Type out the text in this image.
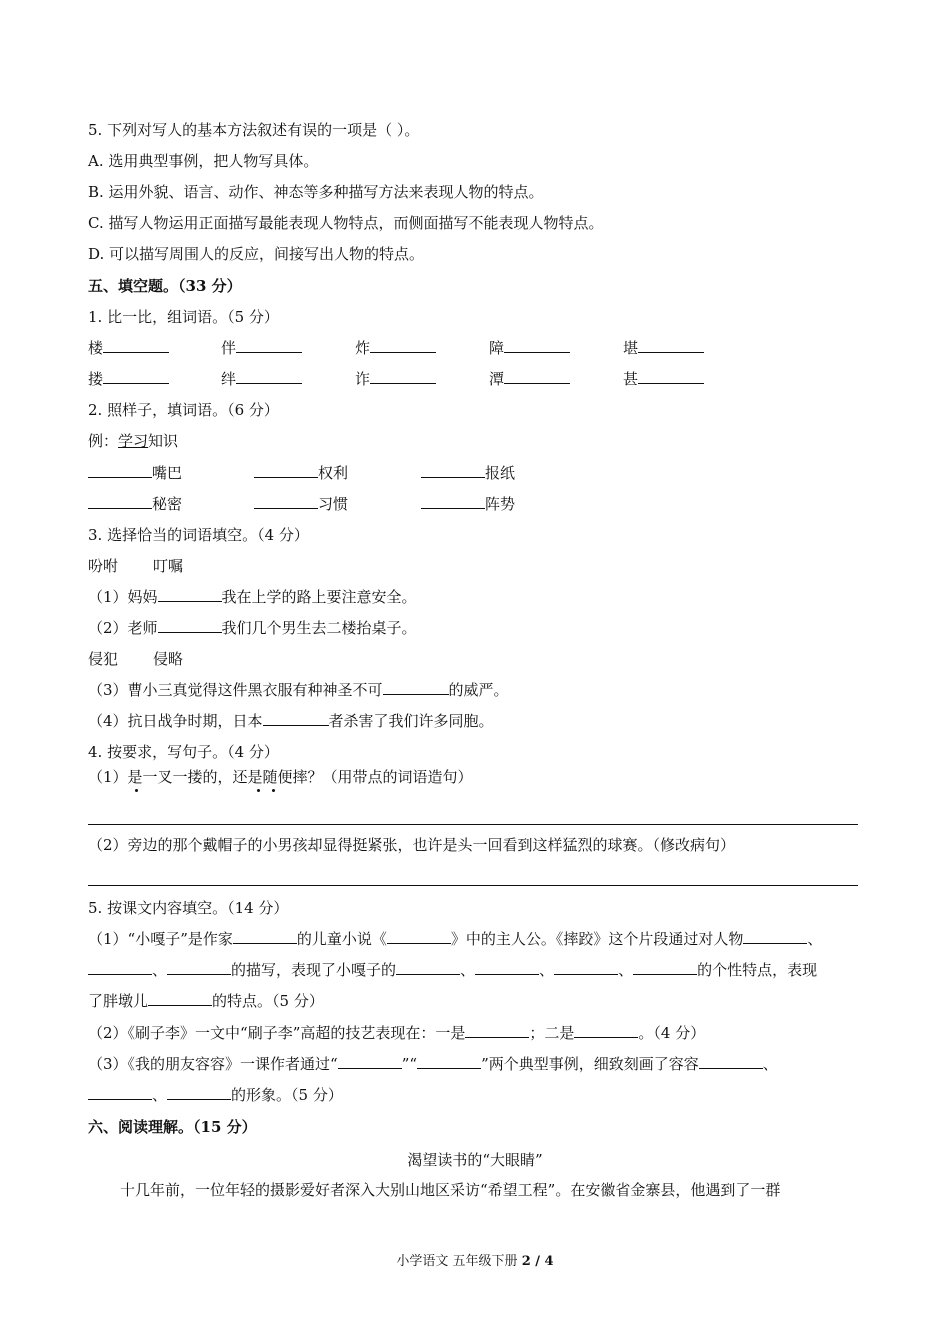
5. 下列对写人的基本方法叙述有误的一项是（ ）。
A. 选用典型事例，把人物写具体。
B. 运用外貌、语言、动作、神态等多种描写方法来表现人物的特点。
C. 描写人物运用正面描写最能表现人物特点，而侧面描写不能表现人物特点。
D. 可以描写周围人的反应，间接写出人物的特点。
五、填空题。（33 分）
1. 比一比，组词语。（5 分）
楼	伴	炸	障	堪
搂	绊	诈	潭	甚
2. 照样子，填词语。（6 分）
例：学习知识
嘴巴	权利	报纸
秘密	习惯	阵势
3. 选择恰当的词语填空。（4 分）
吩咐 叮嘱
（1）妈妈	我在上学的路上要注意安全。
（2）老师	我们几个男生去二楼抬桌子。
侵犯 侵略
（3）曹小三真觉得这件黑衣服有种神圣不可	的威严。
（4）抗日战争时期，日本	者杀害了我们许多同胞。
4. 按要求，写句子。（4 分）
（1）是一叉一搂的，还是随便摔？（用带点的词语造句）
（2）旁边的那个戴帽子的小男孩却显得挺紧张，也许是头一回看到这样猛烈的球赛。（修改病句）
5. 按课文内容填空。（14 分）
（1）“小嘎子”是作家	的儿童小说《	》中的主人公。《摔跤》这个片段通过对人物	、
、	的描写，表现了小嘎子的	、	、	、	的个性特点，表现
了胖墩儿	的特点。（5 分）
（2）《刷子李》一文中“刷子李”高超的技艺表现在：一是	；二是	。（4 分）
（3）《我的朋友容容》一课作者通过“	”“	”两个典型事例，细致刻画了容容	、
、	的形象。（5 分）
六、阅读理解。（15 分）
渴望读书的“大眼睛”
十几年前，一位年轻的摄影爱好者深入大别山地区采访“希望工程”。在安徽省金寨县，他遇到了一群
小学语文 五年级下册 2 / 4
